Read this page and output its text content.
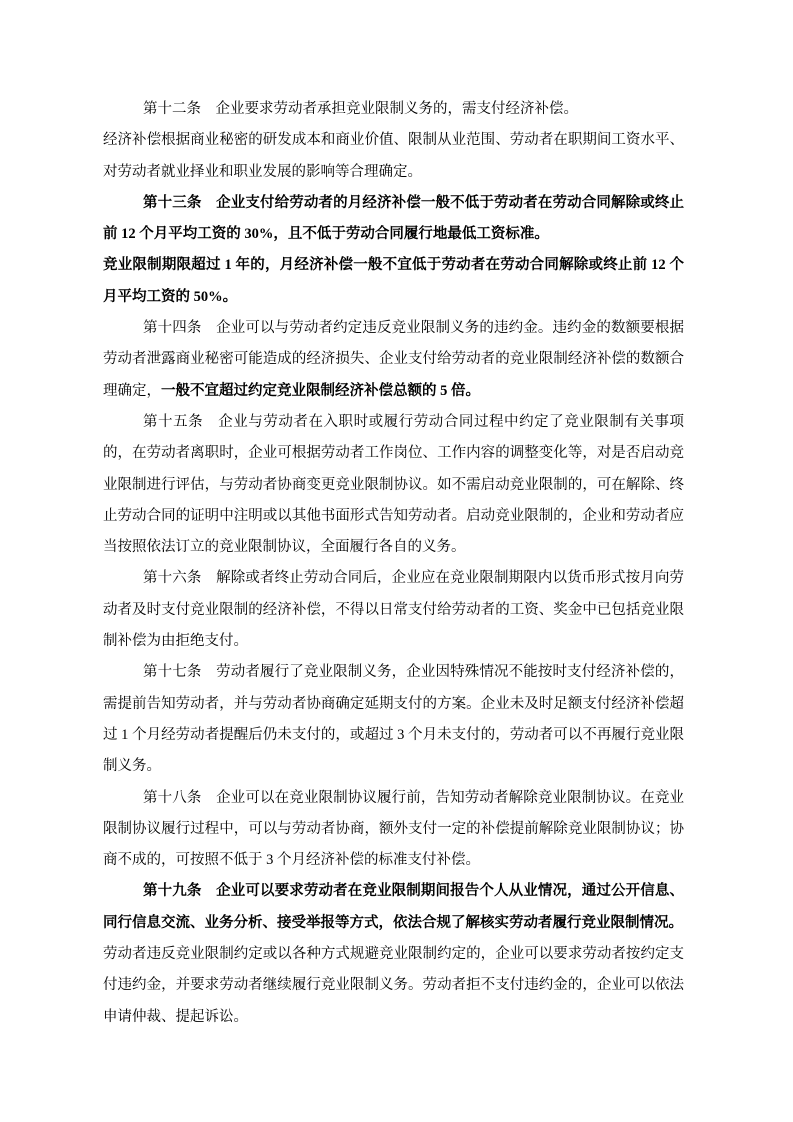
第十二条　企业要求劳动者承担竞业限制义务的，需支付经济补偿。

经济补偿根据商业秘密的研发成本和商业价值、限制从业范围、劳动者在职期间工资水平、对劳动者就业择业和职业发展的影响等合理确定。

第十三条　企业支付给劳动者的月经济补偿一般不低于劳动者在劳动合同解除或终止前 12 个月平均工资的 30%，且不低于劳动合同履行地最低工资标准。

竞业限制期限超过 1 年的，月经济补偿一般不宜低于劳动者在劳动合同解除或终止前 12 个月平均工资的 50%。

第十四条　企业可以与劳动者约定违反竞业限制义务的违约金。违约金的数额要根据劳动者泄露商业秘密可能造成的经济损失、企业支付给劳动者的竞业限制经济补偿的数额合理确定，一般不宜超过约定竞业限制经济补偿总额的 5 倍。

第十五条　企业与劳动者在入职时或履行劳动合同过程中约定了竞业限制有关事项的，在劳动者离职时，企业可根据劳动者工作岗位、工作内容的调整变化等，对是否启动竞业限制进行评估，与劳动者协商变更竞业限制协议。如不需启动竞业限制的，可在解除、终止劳动合同的证明中注明或以其他书面形式告知劳动者。启动竞业限制的，企业和劳动者应当按照依法订立的竞业限制协议，全面履行各自的义务。

第十六条　解除或者终止劳动合同后，企业应在竞业限制期限内以货币形式按月向劳动者及时支付竞业限制的经济补偿，不得以日常支付给劳动者的工资、奖金中已包括竞业限制补偿为由拒绝支付。

第十七条　劳动者履行了竞业限制义务，企业因特殊情况不能按时支付经济补偿的，需提前告知劳动者，并与劳动者协商确定延期支付的方案。企业未及时足额支付经济补偿超过 1 个月经劳动者提醒后仍未支付的，或超过 3 个月未支付的，劳动者可以不再履行竞业限制义务。

第十八条　企业可以在竞业限制协议履行前，告知劳动者解除竞业限制协议。在竞业限制协议履行过程中，可以与劳动者协商，额外支付一定的补偿提前解除竞业限制协议；协商不成的，可按照不低于 3 个月经济补偿的标准支付补偿。

第十九条　企业可以要求劳动者在竞业限制期间报告个人从业情况，通过公开信息、同行信息交流、业务分析、接受举报等方式，依法合规了解核实劳动者履行竞业限制情况。

劳动者违反竞业限制约定或以各种方式规避竞业限制约定的，企业可以要求劳动者按约定支付违约金，并要求劳动者继续履行竞业限制义务。劳动者拒不支付违约金的，企业可以依法申请仲裁、提起诉讼。
